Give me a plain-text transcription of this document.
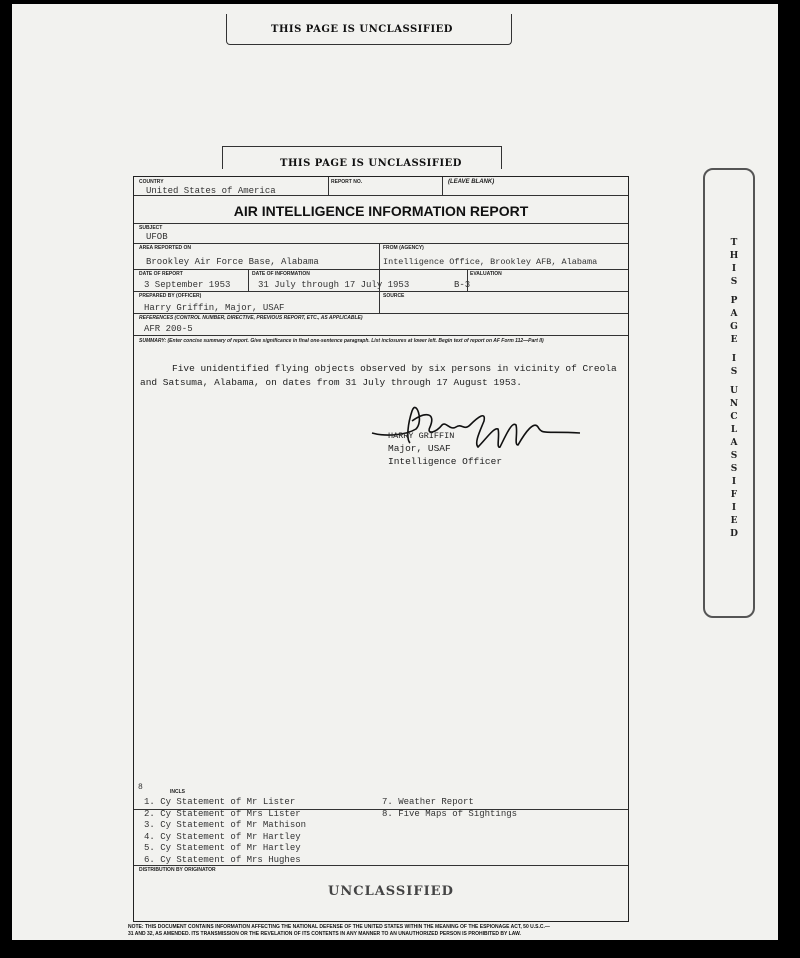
THIS PAGE IS UNCLASSIFIED
THIS PAGE IS UNCLASSIFIED
T
H
I
S
P
A
G
E
I
S
U
N
C
L
A
S
S
I
F
I
E
D
COUNTRY
United States of America
REPORT NO.	(LEAVE BLANK)
AIR INTELLIGENCE INFORMATION REPORT
SUBJECT
UFOB
AREA REPORTED ON
Brookley Air Force Base, Alabama
FROM (AGENCY)
Intelligence Office, Brookley AFB, Alabama
DATE OF REPORT
3 September 1953
DATE OF INFORMATION
31 July through 17 July 1953
EVALUATION
B-3
PREPARED BY (OFFICER)
Harry Griffin, Major, USAF
SOURCE
REFERENCES (CONTROL NUMBER, DIRECTIVE, PREVIOUS REPORT, ETC., AS APPLICABLE)
AFR 200-5
SUMMARY: (Enter concise summary of report. Give significance in final one-sentence paragraph. List inclosures at lower left. Begin text of report on AF Form 112—Part II)
Five unidentified flying objects observed by six persons in vicinity of Creola
and Satsuma, Alabama, on dates from 31 July through 17 August 1953.
HARRY GRIFFIN
Major, USAF
Intelligence Officer
8	INCLS
1. Cy Statement of Mr Lister
2. Cy Statement of Mrs Lister
3. Cy Statement of Mr Mathison
4. Cy Statement of Mr Hartley
5. Cy Statement of Mr Hartley
6. Cy Statement of Mrs Hughes
7. Weather Report
8. Five Maps of Sightings
DISTRIBUTION BY ORIGINATOR
UNCLASSIFIED
NOTE: THIS DOCUMENT CONTAINS INFORMATION AFFECTING THE NATIONAL DEFENSE OF THE UNITED STATES WITHIN THE MEANING OF THE ESPIONAGE ACT, 50 U.S.C.—
31 AND 32, AS AMENDED. ITS TRANSMISSION OR THE REVELATION OF ITS CONTENTS IN ANY MANNER TO AN UNAUTHORIZED PERSON IS PROHIBITED BY LAW.
